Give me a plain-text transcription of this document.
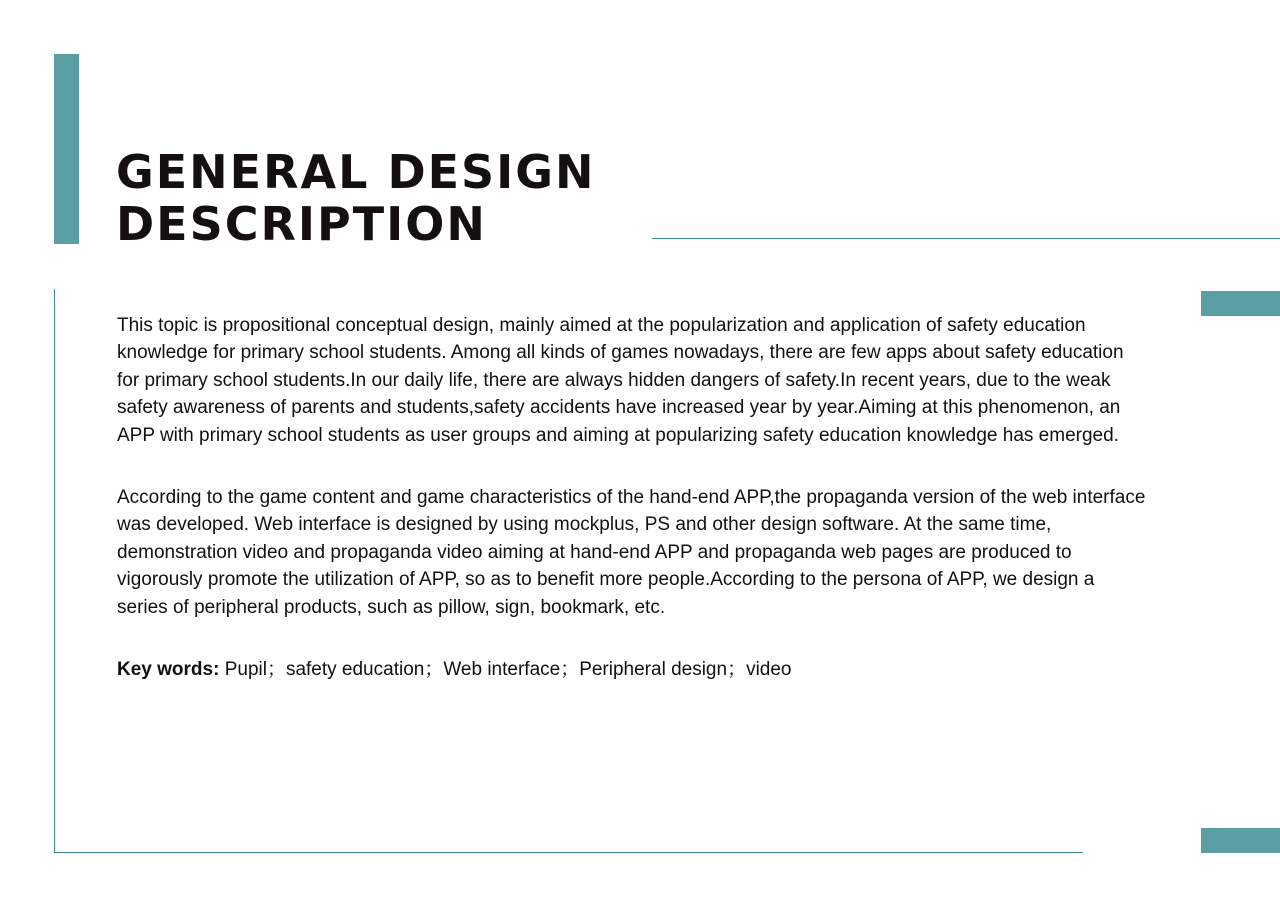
GENERAL DESIGN
DESCRIPTION

This topic is propositional conceptual design, mainly aimed at the popularization and application of safety education knowledge for primary school students. Among all kinds of games nowadays, there are few apps about safety education for primary school students.In our daily life, there are always hidden dangers of safety.In recent years, due to the weak safety awareness of parents and students,safety accidents have increased year by year.Aiming at this phenomenon, an APP with primary school students as user groups and aiming at popularizing safety education knowledge has emerged.

According to the game content and game characteristics of the hand-end APP,the propaganda version of the web interface was developed. Web interface is designed by using mockplus, PS and other design software. At the same time, demonstration video and propaganda video aiming at hand-end APP and propaganda web pages are produced to vigorously promote the utilization of APP, so as to benefit more people.According to the persona of APP, we design a series of peripheral products, such as pillow, sign, bookmark, etc.

Key words: Pupil；safety education；Web interface；Peripheral design；video
